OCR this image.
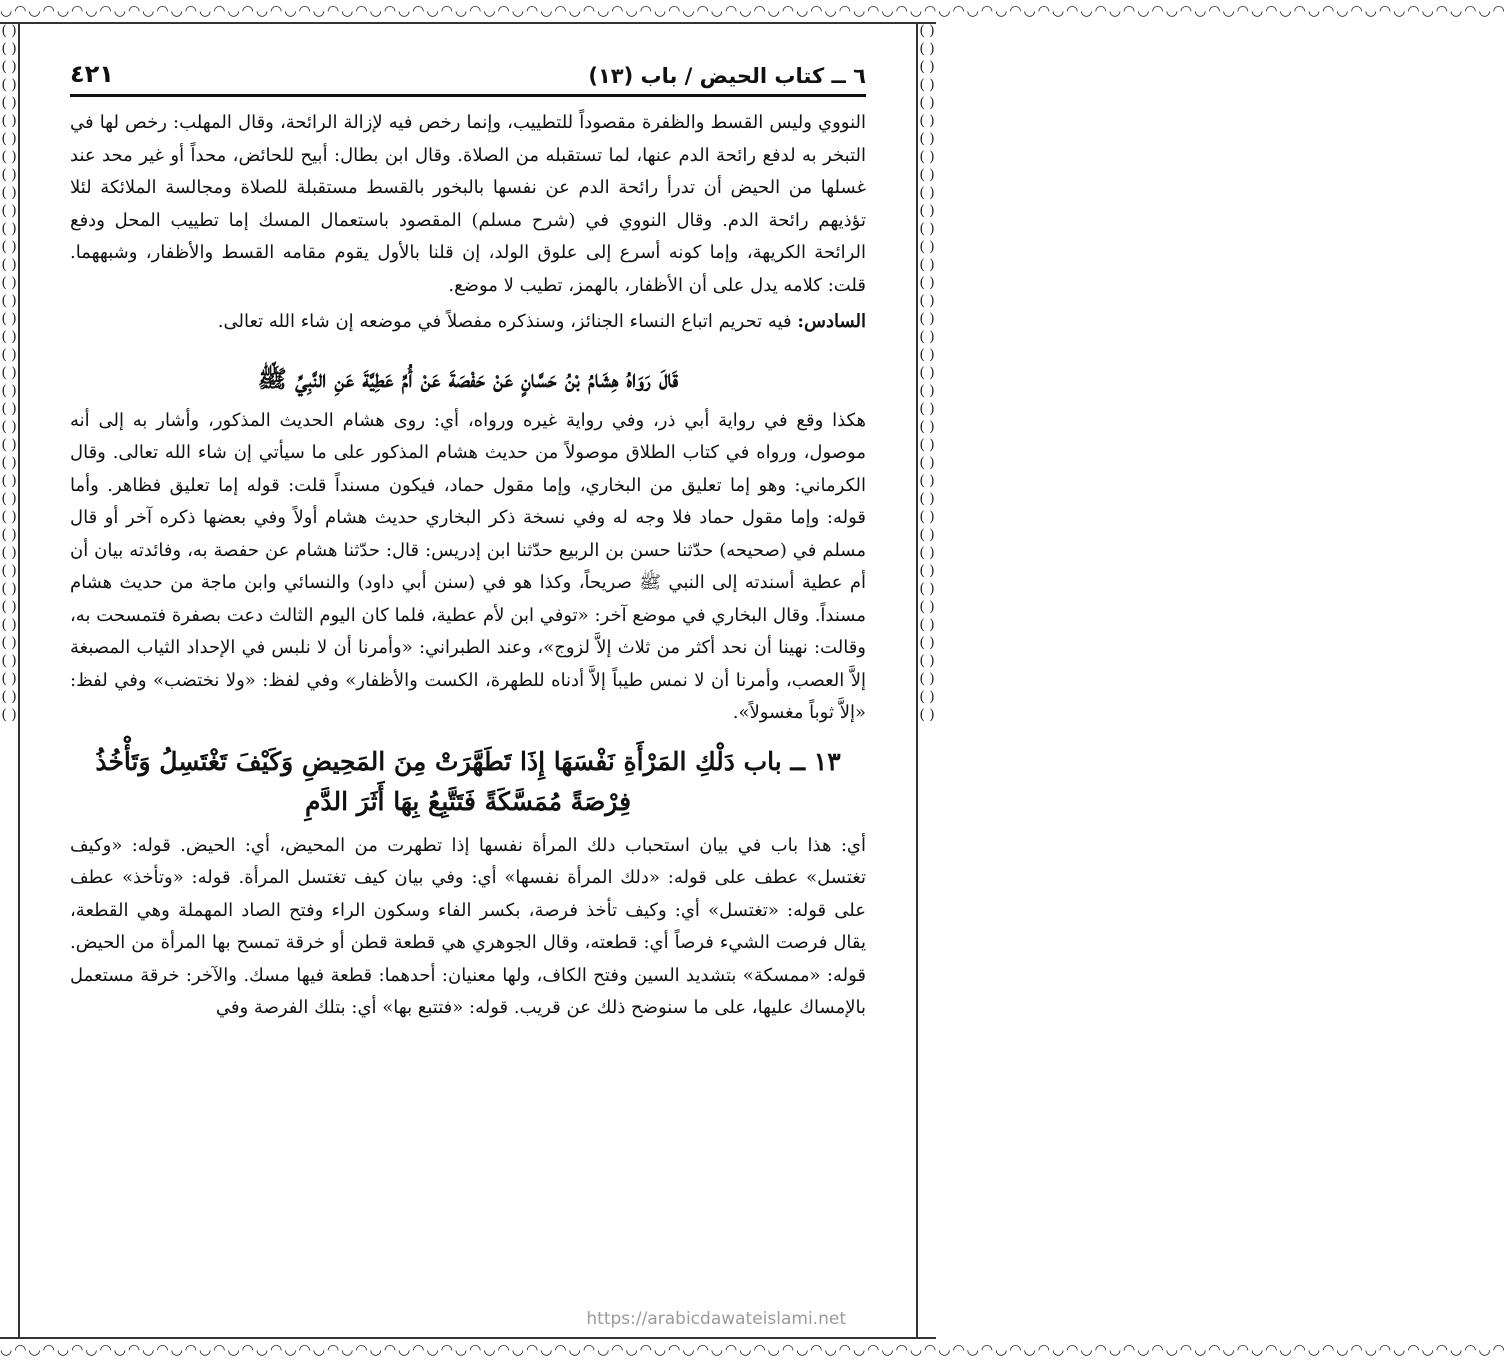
◡◠◡◠◡◠◡◠◡◠◡◠◡◠◡◠◡◠◡◠◡◠◡◠◡◠◡◠◡◠◡◠◡◠◡◠◡◠◡◠◡◠◡◠◡◠◡◠◡◠◡◠◡◠◡◠◡◠◡◠◡◠◡◠◡◠◡◠◡◠◡◠◡◠◡◠◡◠◡◠◡◠◡◠◡◠◡◠◡◠◡◠◡◠◡◠◡◠◡◠◡◠◡◠◡◠
◡◠◡◠◡◠◡◠◡◠◡◠◡◠◡◠◡◠◡◠◡◠◡◠◡◠◡◠◡◠◡◠◡◠◡◠◡◠◡◠◡◠◡◠◡◠◡◠◡◠◡◠◡◠◡◠◡◠◡◠◡◠◡◠◡◠◡◠◡◠◡◠◡◠◡◠◡◠◡◠◡◠◡◠◡◠◡◠◡◠◡◠◡◠◡◠◡◠◡◠◡◠◡◠◡◠
( ) ( ) ( ) ( ) ( ) ( ) ( ) ( ) ( ) ( ) ( ) ( ) ( ) ( ) ( ) ( ) ( ) ( ) ( ) ( ) ( ) ( ) ( ) ( ) ( ) ( ) ( ) ( ) ( ) ( ) ( ) ( ) ( ) ( ) ( ) ( ) ( ) ( ) ( )
( ) ( ) ( ) ( ) ( ) ( ) ( ) ( ) ( ) ( ) ( ) ( ) ( ) ( ) ( ) ( ) ( ) ( ) ( ) ( ) ( ) ( ) ( ) ( ) ( ) ( ) ( ) ( ) ( ) ( ) ( ) ( ) ( ) ( ) ( ) ( ) ( ) ( ) ( )
٦ ــ كتاب الحيض / باب (١٣)
٤٢١

النووي وليس القسط والظفرة مقصوداً للتطييب، وإنما رخص فيه لإزالة الرائحة، وقال المهلب: رخص لها في التبخر به لدفع رائحة الدم عنها، لما تستقبله من الصلاة. وقال ابن بطال: أبيح للحائض، محداً أو غير محد عند غسلها من الحيض أن تدرأ رائحة الدم عن نفسها بالبخور بالقسط مستقبلة للصلاة ومجالسة الملائكة لئلا تؤذيهم رائحة الدم. وقال النووي في (شرح مسلم) المقصود باستعمال المسك إما تطييب المحل ودفع الرائحة الكريهة، وإما كونه أسرع إلى علوق الولد، إن قلنا بالأول يقوم مقامه القسط والأظفار، وشبههما. قلت: كلامه يدل على أن الأظفار، بالهمز، تطيب لا موضع.

السادس: فيه تحريم اتباع النساء الجنائز، وسنذكره مفصلاً في موضعه إن شاء الله تعالى.

قَالَ رَوَاهُ هِشَامُ بْنُ حَسَّانٍ عَنْ حَفْصَةَ عَنْ أُمِّ عَطِيَّةَ عَنِ النَّبِيِّ ﷺ

هكذا وقع في رواية أبي ذر، وفي رواية غيره ورواه، أي: روى هشام الحديث المذكور، وأشار به إلى أنه موصول، ورواه في كتاب الطلاق موصولاً من حديث هشام المذكور على ما سيأتي إن شاء الله تعالى. وقال الكرماني: وهو إما تعليق من البخاري، وإما مقول حماد، فيكون مسنداً قلت: قوله إما تعليق فظاهر. وأما قوله: وإما مقول حماد فلا وجه له وفي نسخة ذكر البخاري حديث هشام أولاً وفي بعضها ذكره آخر أو قال مسلم في (صحيحه) حدّثنا حسن بن الربيع حدّثنا ابن إدريس: قال: حدّثنا هشام عن حفصة به، وفائدته بيان أن أم عطية أسندته إلى النبي ﷺ صريحاً، وكذا هو في (سنن أبي داود) والنسائي وابن ماجة من حديث هشام مسنداً. وقال البخاري في موضع آخر: «توفي ابن لأم عطية، فلما كان اليوم الثالث دعت بصفرة فتمسحت به، وقالت: نهينا أن نحد أكثر من ثلاث إلاَّ لزوج»، وعند الطبراني: «وأمرنا أن لا نلبس في الإحداد الثياب المصبغة إلاَّ العصب، وأمرنا أن لا نمس طيباً إلاَّ أدناه للطهرة، الكست والأظفار» وفي لفظ: «ولا نختضب» وفي لفظ: «إلاَّ ثوباً مغسولاً».

١٣ ــ باب دَلْكِ المَرْأَةِ نَفْسَهَا إِذَا تَطَهَّرَتْ مِنَ المَحِيضِ وَكَيْفَ تَغْتَسِلُ وَتَأْخُذُ فِرْصَةً مُمَسَّكَةً فَتَتَّبِعُ بِهَا أَثَرَ الدَّمِ

أي: هذا باب في بيان استحباب دلك المرأة نفسها إذا تطهرت من المحيض، أي: الحيض. قوله: «وكيف تغتسل» عطف على قوله: «دلك المرأة نفسها» أي: وفي بيان كيف تغتسل المرأة. قوله: «وتأخذ» عطف على قوله: «تغتسل» أي: وكيف تأخذ فرصة، بكسر الفاء وسكون الراء وفتح الصاد المهملة وهي القطعة، يقال فرصت الشيء فرصاً أي: قطعته، وقال الجوهري هي قطعة قطن أو خرقة تمسح بها المرأة من الحيض. قوله: «ممسكة» بتشديد السين وفتح الكاف، ولها معنيان: أحدهما: قطعة فيها مسك. والآخر: خرقة مستعمل بالإمساك عليها، على ما سنوضح ذلك عن قريب. قوله: «فتتبع بها» أي: بتلك الفرصة وفي

https://arabicdawateislami.net
